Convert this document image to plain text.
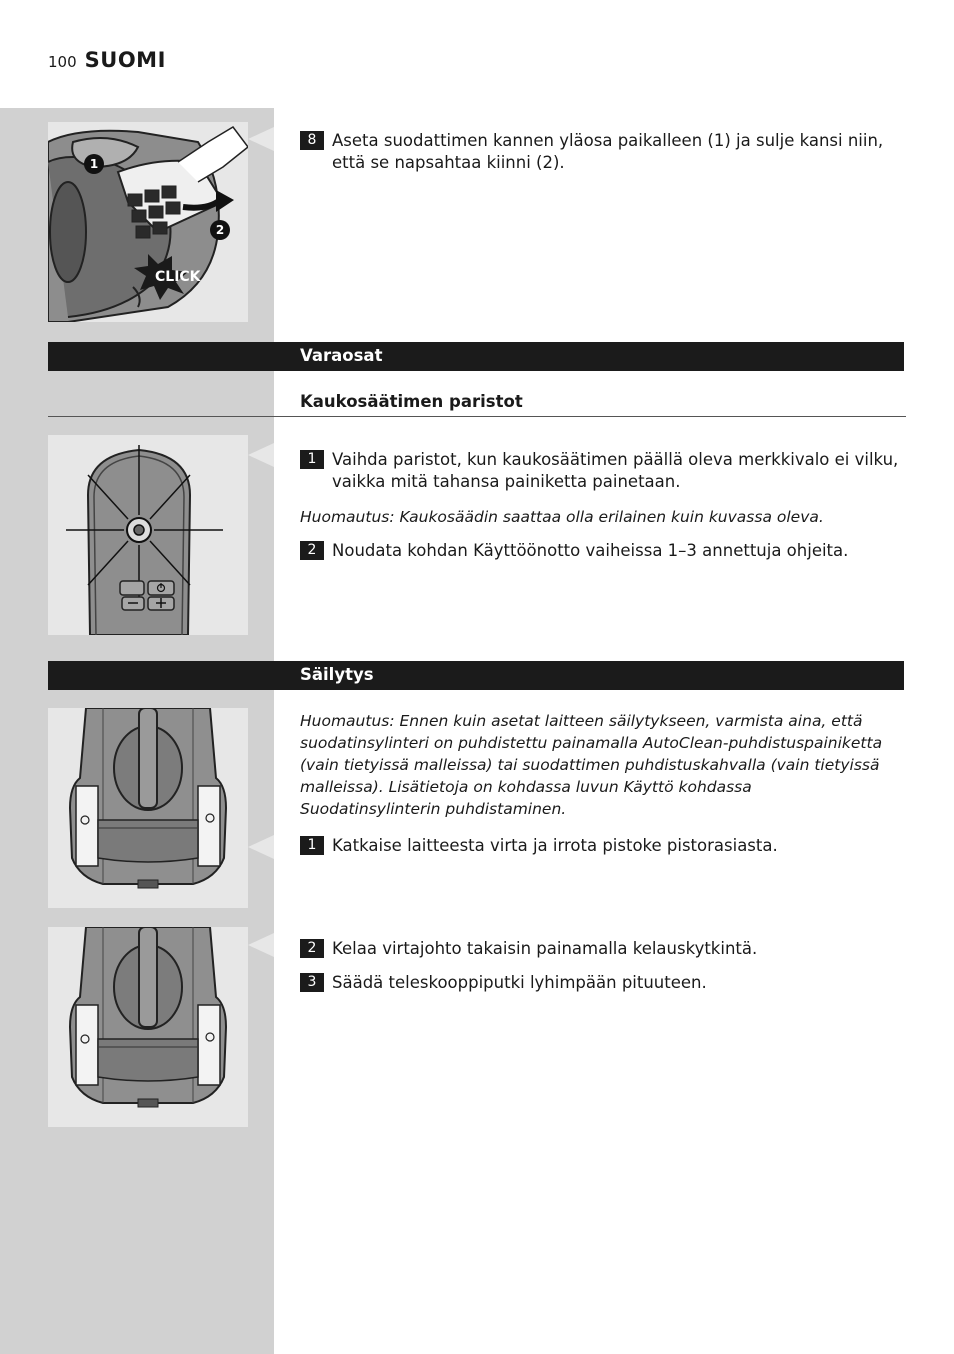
100 SUOMI
1
2
CLICK
8 Aseta suodattimen kannen yläosa paikalleen (1) ja sulje kansi niin, että se napsahtaa kiinni (2).
Varaosat
Kaukosäätimen paristot
1 Vaihda paristot, kun kaukosäätimen päällä oleva merkkivalo ei vilku, vaikka mitä tahansa painiketta painetaan.
Huomautus: Kaukosäädin saattaa olla erilainen kuin kuvassa oleva.
2 Noudata kohdan Käyttöönotto vaiheissa 1–3 annettuja ohjeita.
Säilytys
Huomautus: Ennen kuin asetat laitteen säilytykseen, varmista aina, että suodatinsylinteri on puhdistettu painamalla AutoClean-puhdistuspainiketta (vain tietyissä malleissa) tai suodattimen puhdistuskahvalla (vain tietyissä malleissa). Lisätietoja on kohdassa luvun Käyttö kohdassa Suodatinsylinterin puhdistaminen.
1 Katkaise laitteesta virta ja irrota pistoke pistorasiasta.
2 Kelaa virtajohto takaisin painamalla kelauskytkintä.
3 Säädä teleskooppiputki lyhimpään pituuteen.
